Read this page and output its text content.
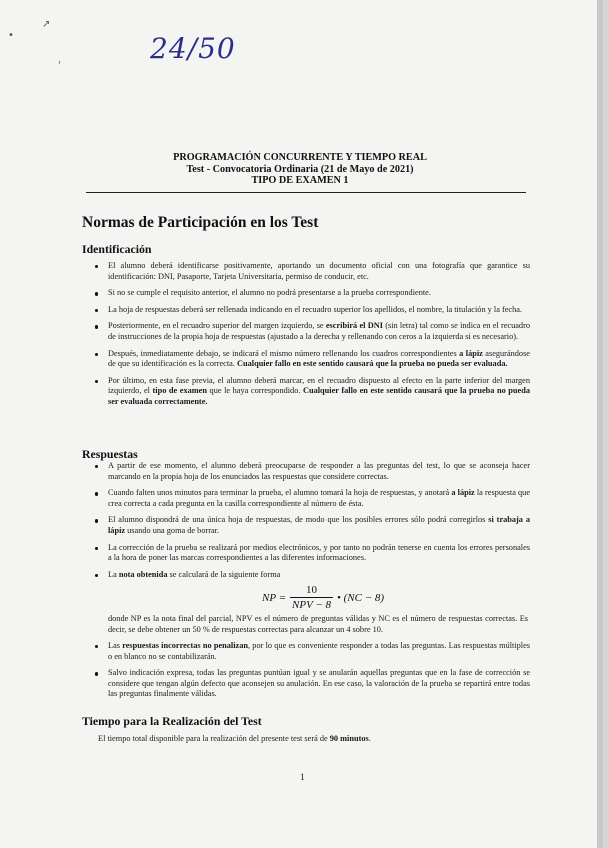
•
↗
'
24/50
PROGRAMACIÓN CONCURRENTE Y TIEMPO REAL
Test - Convocatoria Ordinaria (21 de Mayo de 2021)
TIPO DE EXAMEN 1
Normas de Participación en los Test
Identificación
El alumno deberá identificarse positivamente, aportando un documento oficial con una fotografía que garantice su identificación: DNI, Pasaporte, Tarjeta Universitaria, permiso de conducir, etc.
Si no se cumple el requisito anterior, el alumno no podrá presentarse a la prueba correspondiente.
La hoja de respuestas deberá ser rellenada indicando en el recuadro superior los apellidos, el nombre, la titulación y la fecha.
Posteriormente, en el recuadro superior del margen izquierdo, se escribirá el DNI (sin letra) tal como se indica en el recuadro de instrucciones de la propia hoja de respuestas (ajustado a la derecha y rellenando con ceros a la izquierda si es necesario).
Después, inmediatamente debajo, se indicará el mismo número rellenando los cuadros correspondientes a lápiz asegurándose de que su identificación es la correcta. Cualquier fallo en este sentido causará que la prueba no pueda ser evaluada.
Por último, en esta fase previa, el alumno deberá marcar, en el recuadro dispuesto al efecto en la parte inferior del margen izquierdo, el tipo de examen que le haya correspondido. Cualquier fallo en este sentido causará que la prueba no pueda ser evaluada correctamente.
Respuestas
A partir de ese momento, el alumno deberá preocuparse de responder a las preguntas del test, lo que se aconseja hacer marcando en la propia hoja de los enunciados las respuestas que considere correctas.
Cuando falten unos minutos para terminar la prueba, el alumno tomará la hoja de respuestas, y anotará a lápiz la respuesta que crea correcta a cada pregunta en la casilla correspondiente al número de ésta.
El alumno dispondrá de una única hoja de respuestas, de modo que los posibles errores sólo podrá corregirlos si trabaja a lápiz usando una goma de borrar.
La corrección de la prueba se realizará por medios electrónicos, y por tanto no podrán tenerse en cuenta los errores personales a la hora de poner las marcas correspondientes a las diferentes informaciones.
La nota obtenida se calculará de la siguiente forma
NP = $\frac{10}{\text{NPV − 8}}$ • (NC − 8)

donde NP es la nota final del parcial, NPV es el número de preguntas válidas y NC es el número de respuestas correctas. Es decir, se debe obtener un 50 % de respuestas correctas para alcanzar un 4 sobre 10.

Las respuestas incorrectas no penalizan, por lo que es conveniente responder a todas las preguntas. Las respuestas múltiples o en blanco no se contabilizarán.
Salvo indicación expresa, todas las preguntas puntúan igual y se anularán aquellas preguntas que en la fase de corrección se considere que tengan algún defecto que aconsejen su anulación. En ese caso, la valoración de la prueba se repartirá entre todas las preguntas finalmente válidas.
Tiempo para la Realización del Test

El tiempo total disponible para la realización del presente test será de 90 minutos.

1
